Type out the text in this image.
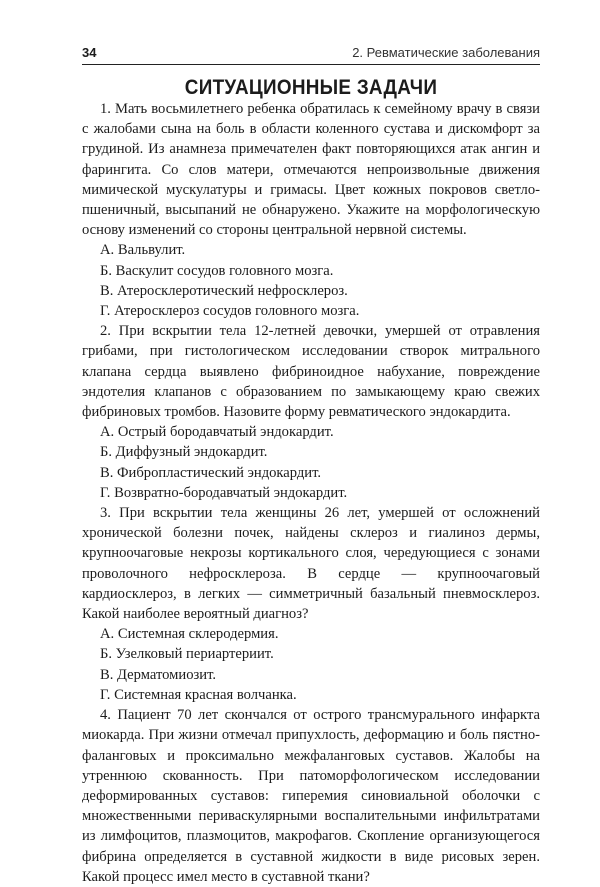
34	2. Ревматические заболевания
СИТУАЦИОННЫЕ ЗАДАЧИ

1. Мать восьмилетнего ребенка обратилась к семейному врачу в связи с жалобами сына на боль в области коленного сустава и дискомфорт за грудиной. Из анамнеза примечателен факт повторяющихся атак ангин и фарингита. Со слов матери, отмечаются непроизвольные движения мимической мускулатуры и гримасы. Цвет кожных покровов светло-пшеничный, высыпаний не обнаружено. Укажите на морфологическую основу изменений со стороны центральной нервной системы.

А. Вальвулит.

Б. Васкулит сосудов головного мозга.

В. Атеросклеротический нефросклероз.

Г. Атеросклероз сосудов головного мозга.

2. При вскрытии тела 12-летней девочки, умершей от отравления грибами, при гистологическом исследовании створок митрального клапана сердца выявлено фибриноидное набухание, повреждение эндотелия клапанов с образованием по замыкающему краю свежих фибриновых тромбов. Назовите форму ревматического эндокардита.

А. Острый бородавчатый эндокардит.

Б. Диффузный эндокардит.

В. Фибропластический эндокардит.

Г. Возвратно-бородавчатый эндокардит.

3. При вскрытии тела женщины 26 лет, умершей от осложнений хронической болезни почек, найдены склероз и гиалиноз дермы, крупноочаговые некрозы кортикального слоя, чередующиеся с зонами проволочного нефросклероза. В сердце — крупноочаговый кардиосклероз, в легких — симметричный базальный пневмосклероз. Какой наиболее вероятный диагноз?

А. Системная склеродермия.

Б. Узелковый периартериит.

В. Дерматомиозит.

Г. Системная красная волчанка.

4. Пациент 70 лет скончался от острого трансмурального инфаркта миокарда. При жизни отмечал припухлость, деформацию и боль пястно-фаланговых и проксимально межфаланговых суставов. Жалобы на утреннюю скованность. При патоморфологическом исследовании деформированных суставов: гиперемия синовиальной оболочки с множественными периваскулярными воспалительными инфильтратами из лимфоцитов, плазмоцитов, макрофагов. Скопление организующегося фибрина определяется в суставной жидкости в виде рисовых зерен. Какой процесс имел место в суставной ткани?
